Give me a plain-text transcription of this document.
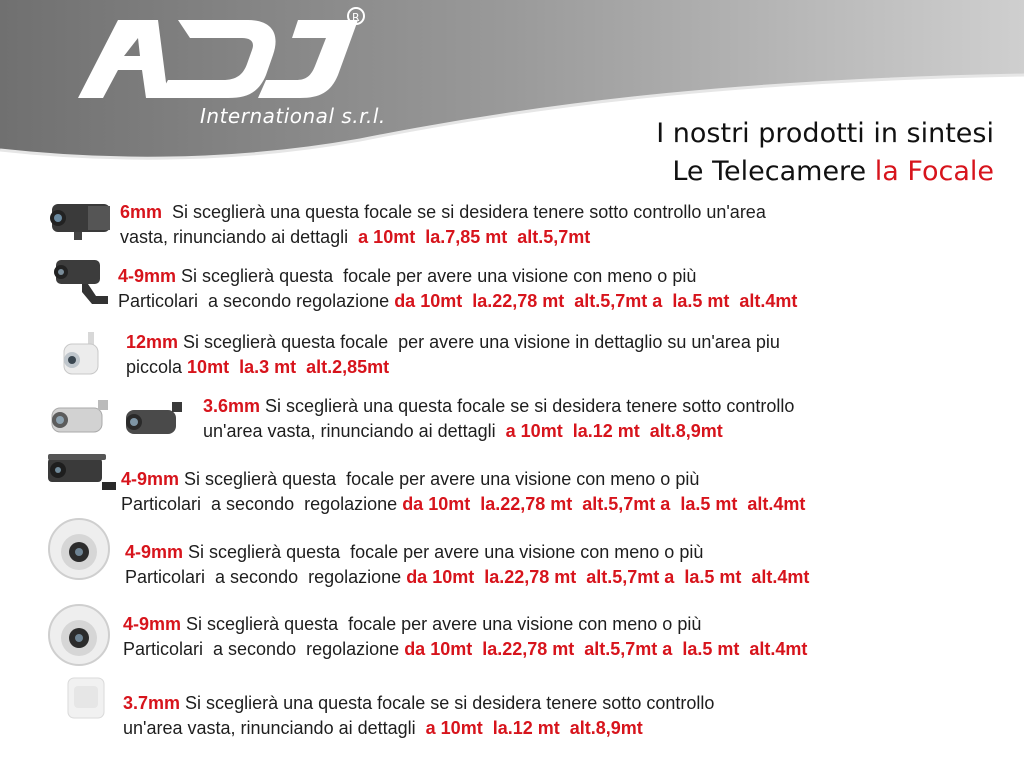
R
International s.r.l.
I nostri prodotti in sintesi
Le Telecamere la Focale
6mm  Si sceglierà una questa focale se si desidera tenere sotto controllo un'area
vasta, rinunciando ai dettagli a 10mt  la.7,85 mt  alt.5,7mt
4-9mm Si sceglierà questa  focale per avere una visione con meno o più
Particolari  a secondo regolazione da 10mt  la.22,78 mt  alt.5,7mt a  la.5 mt  alt.4mt
12mm Si sceglierà questa focale  per avere una visione in dettaglio su un'area piu
piccola 10mt  la.3 mt  alt.2,85mt
3.6mm Si sceglierà una questa focale se si desidera tenere sotto controllo
un'area vasta, rinunciando ai dettagli a 10mt  la.12 mt  alt.8,9mt
4-9mm Si sceglierà questa  focale per avere una visione con meno o più
Particolari  a secondo  regolazione da 10mt  la.22,78 mt  alt.5,7mt a  la.5 mt  alt.4mt
4-9mm Si sceglierà questa  focale per avere una visione con meno o più
Particolari  a secondo  regolazione da 10mt  la.22,78 mt  alt.5,7mt a  la.5 mt  alt.4mt
4-9mm Si sceglierà questa  focale per avere una visione con meno o più
Particolari  a secondo  regolazione da 10mt  la.22,78 mt  alt.5,7mt a  la.5 mt  alt.4mt
3.7mm Si sceglierà una questa focale se si desidera tenere sotto controllo
un'area vasta, rinunciando ai dettagli a 10mt  la.12 mt  alt.8,9mt
